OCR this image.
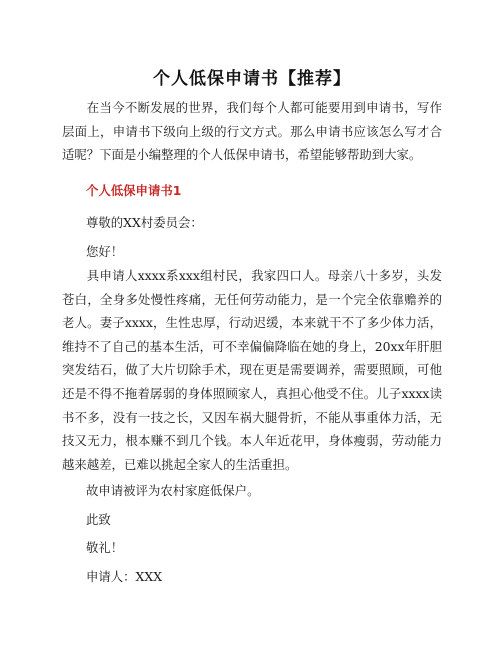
个人低保申请书【推荐】

在当今不断发展的世界，我们每个人都可能要用到申请书，写作层面上，申请书下级向上级的行文方式。那么申请书应该怎么写才合适呢？下面是小编整理的个人低保申请书，希望能够帮助到大家。

个人低保申请书1

尊敬的XX村委员会：

您好！

具申请人xxxx系xxx组村民，我家四口人。母亲八十多岁，头发苍白，全身多处慢性疼痛，无任何劳动能力，是一个完全依靠赡养的老人。妻子xxxx，生性忠厚，行动迟缓，本来就干不了多少体力活，维持不了自己的基本生活，可不幸偏偏降临在她的身上，20xx年肝胆突发结石，做了大片切除手术，现在更是需要调养，需要照顾，可他还是不得不拖着孱弱的身体照顾家人，真担心他受不住。儿子xxxx读书不多，没有一技之长，又因车祸大腿骨折，不能从事重体力活，无技又无力，根本赚不到几个钱。本人年近花甲，身体瘦弱，劳动能力越来越差，已难以挑起全家人的生活重担。

故申请被评为农村家庭低保户。

此致

敬礼！

申请人：XXX
